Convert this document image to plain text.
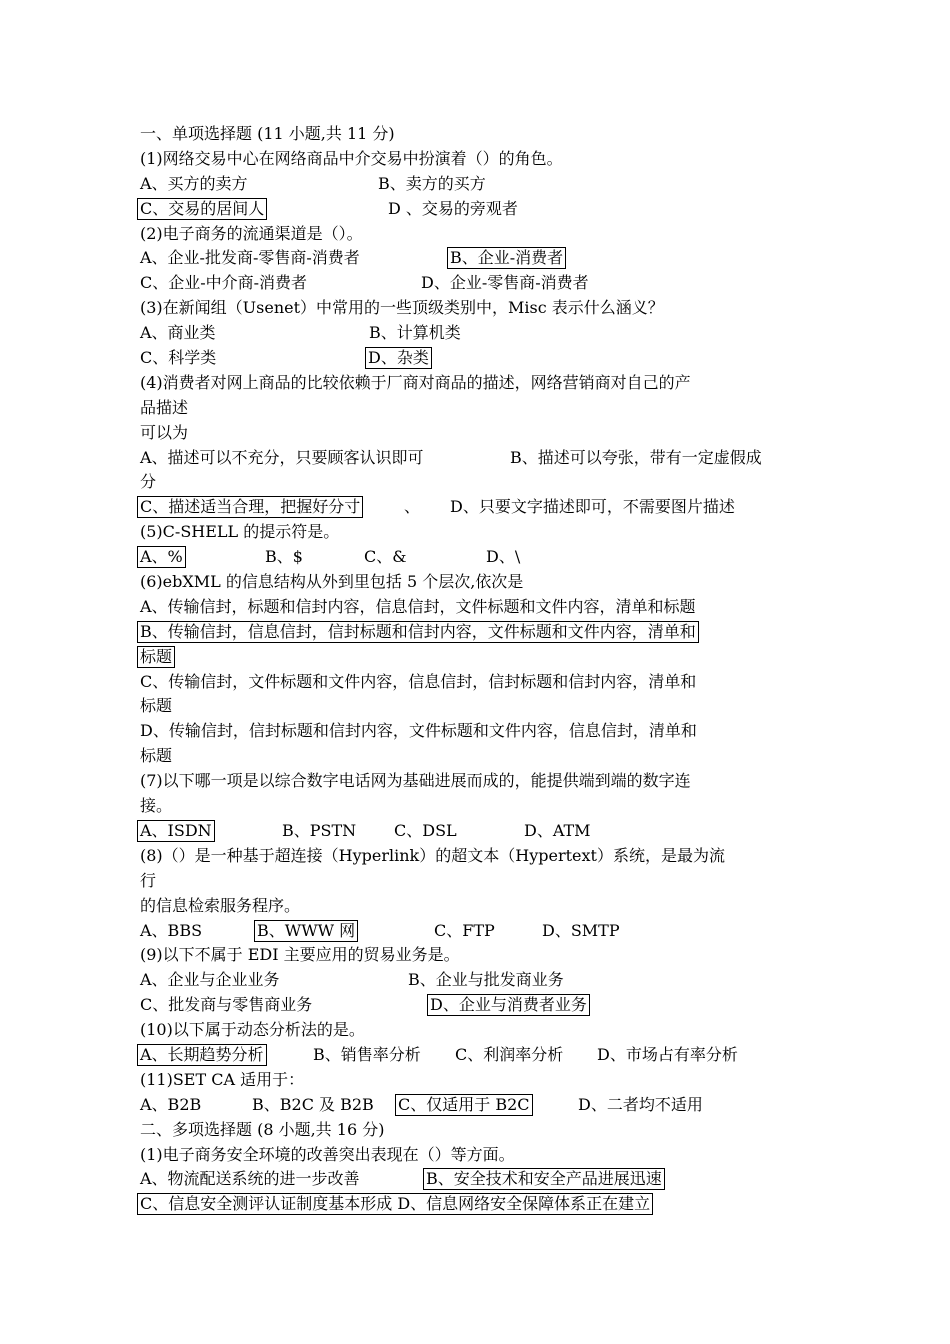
一、单项选择题 (11 小题,共 11 分)
(1)网络交易中心在网络商品中介交易中扮演着（）的角色。
A、买方的卖方	B、卖方的买方
C、交易的居间人	D 、交易的旁观者
(2)电子商务的流通渠道是（）。
A、企业-批发商-零售商-消费者	B、企业-消费者
C、企业-中介商-消费者	D、企业-零售商-消费者
(3)在新闻组（Usenet）中常用的一些顶级类别中，Misc 表示什么涵义？
A、商业类	B、计算机类
C、科学类	D、杂类
(4)消费者对网上商品的比较依赖于厂商对商品的描述，网络营销商对自己的产
品描述
可以为
A、描述可以不充分，只要顾客认识即可	B、描述可以夸张，带有一定虚假成
分
C、描述适当合理，把握好分寸	、 D、只要文字描述即可，不需要图片描述
(5)C-SHELL 的提示符是。
A、%	B、$	C、&	D、\
(6)ebXML 的信息结构从外到里包括 5 个层次,依次是
A、传输信封，标题和信封内容，信息信封，文件标题和文件内容，清单和标题
B、传输信封，信息信封，信封标题和信封内容，文件标题和文件内容，清单和
标题
C、传输信封，文件标题和文件内容，信息信封，信封标题和信封内容，清单和
标题
D、传输信封，信封标题和信封内容，文件标题和文件内容，信息信封，清单和
标题
(7)以下哪一项是以综合数字电话网为基础进展而成的，能提供端到端的数字连
接。
A、ISDN	B、PSTN C、DSL	D、ATM
(8)（）是一种基于超连接（Hyperlink）的超文本（Hypertext）系统，是最为流
行
的信息检索服务程序。
A、BBS	B、WWW 网	C、FTP	D、SMTP
(9)以下不属于 EDI 主要应用的贸易业务是。
A、企业与企业业务	B、企业与批发商业务
C、批发商与零售商业务	D、企业与消费者业务
(10)以下属于动态分析法的是。
A、长期趋势分析	B、销售率分析 C、利润率分析 D、市场占有率分析
(11)SET CA 适用于：
A、B2B	B、B2C 及 B2B C、仅适用于 B2C	D、二者均不适用
二、多项选择题 (8 小题,共 16 分)
(1)电子商务安全环境的改善突出表现在（）等方面。
A、物流配送系统的进一步改善	B、安全技术和安全产品进展迅速
C、信息安全测评认证制度基本形成 D、信息网络安全保障体系正在建立
